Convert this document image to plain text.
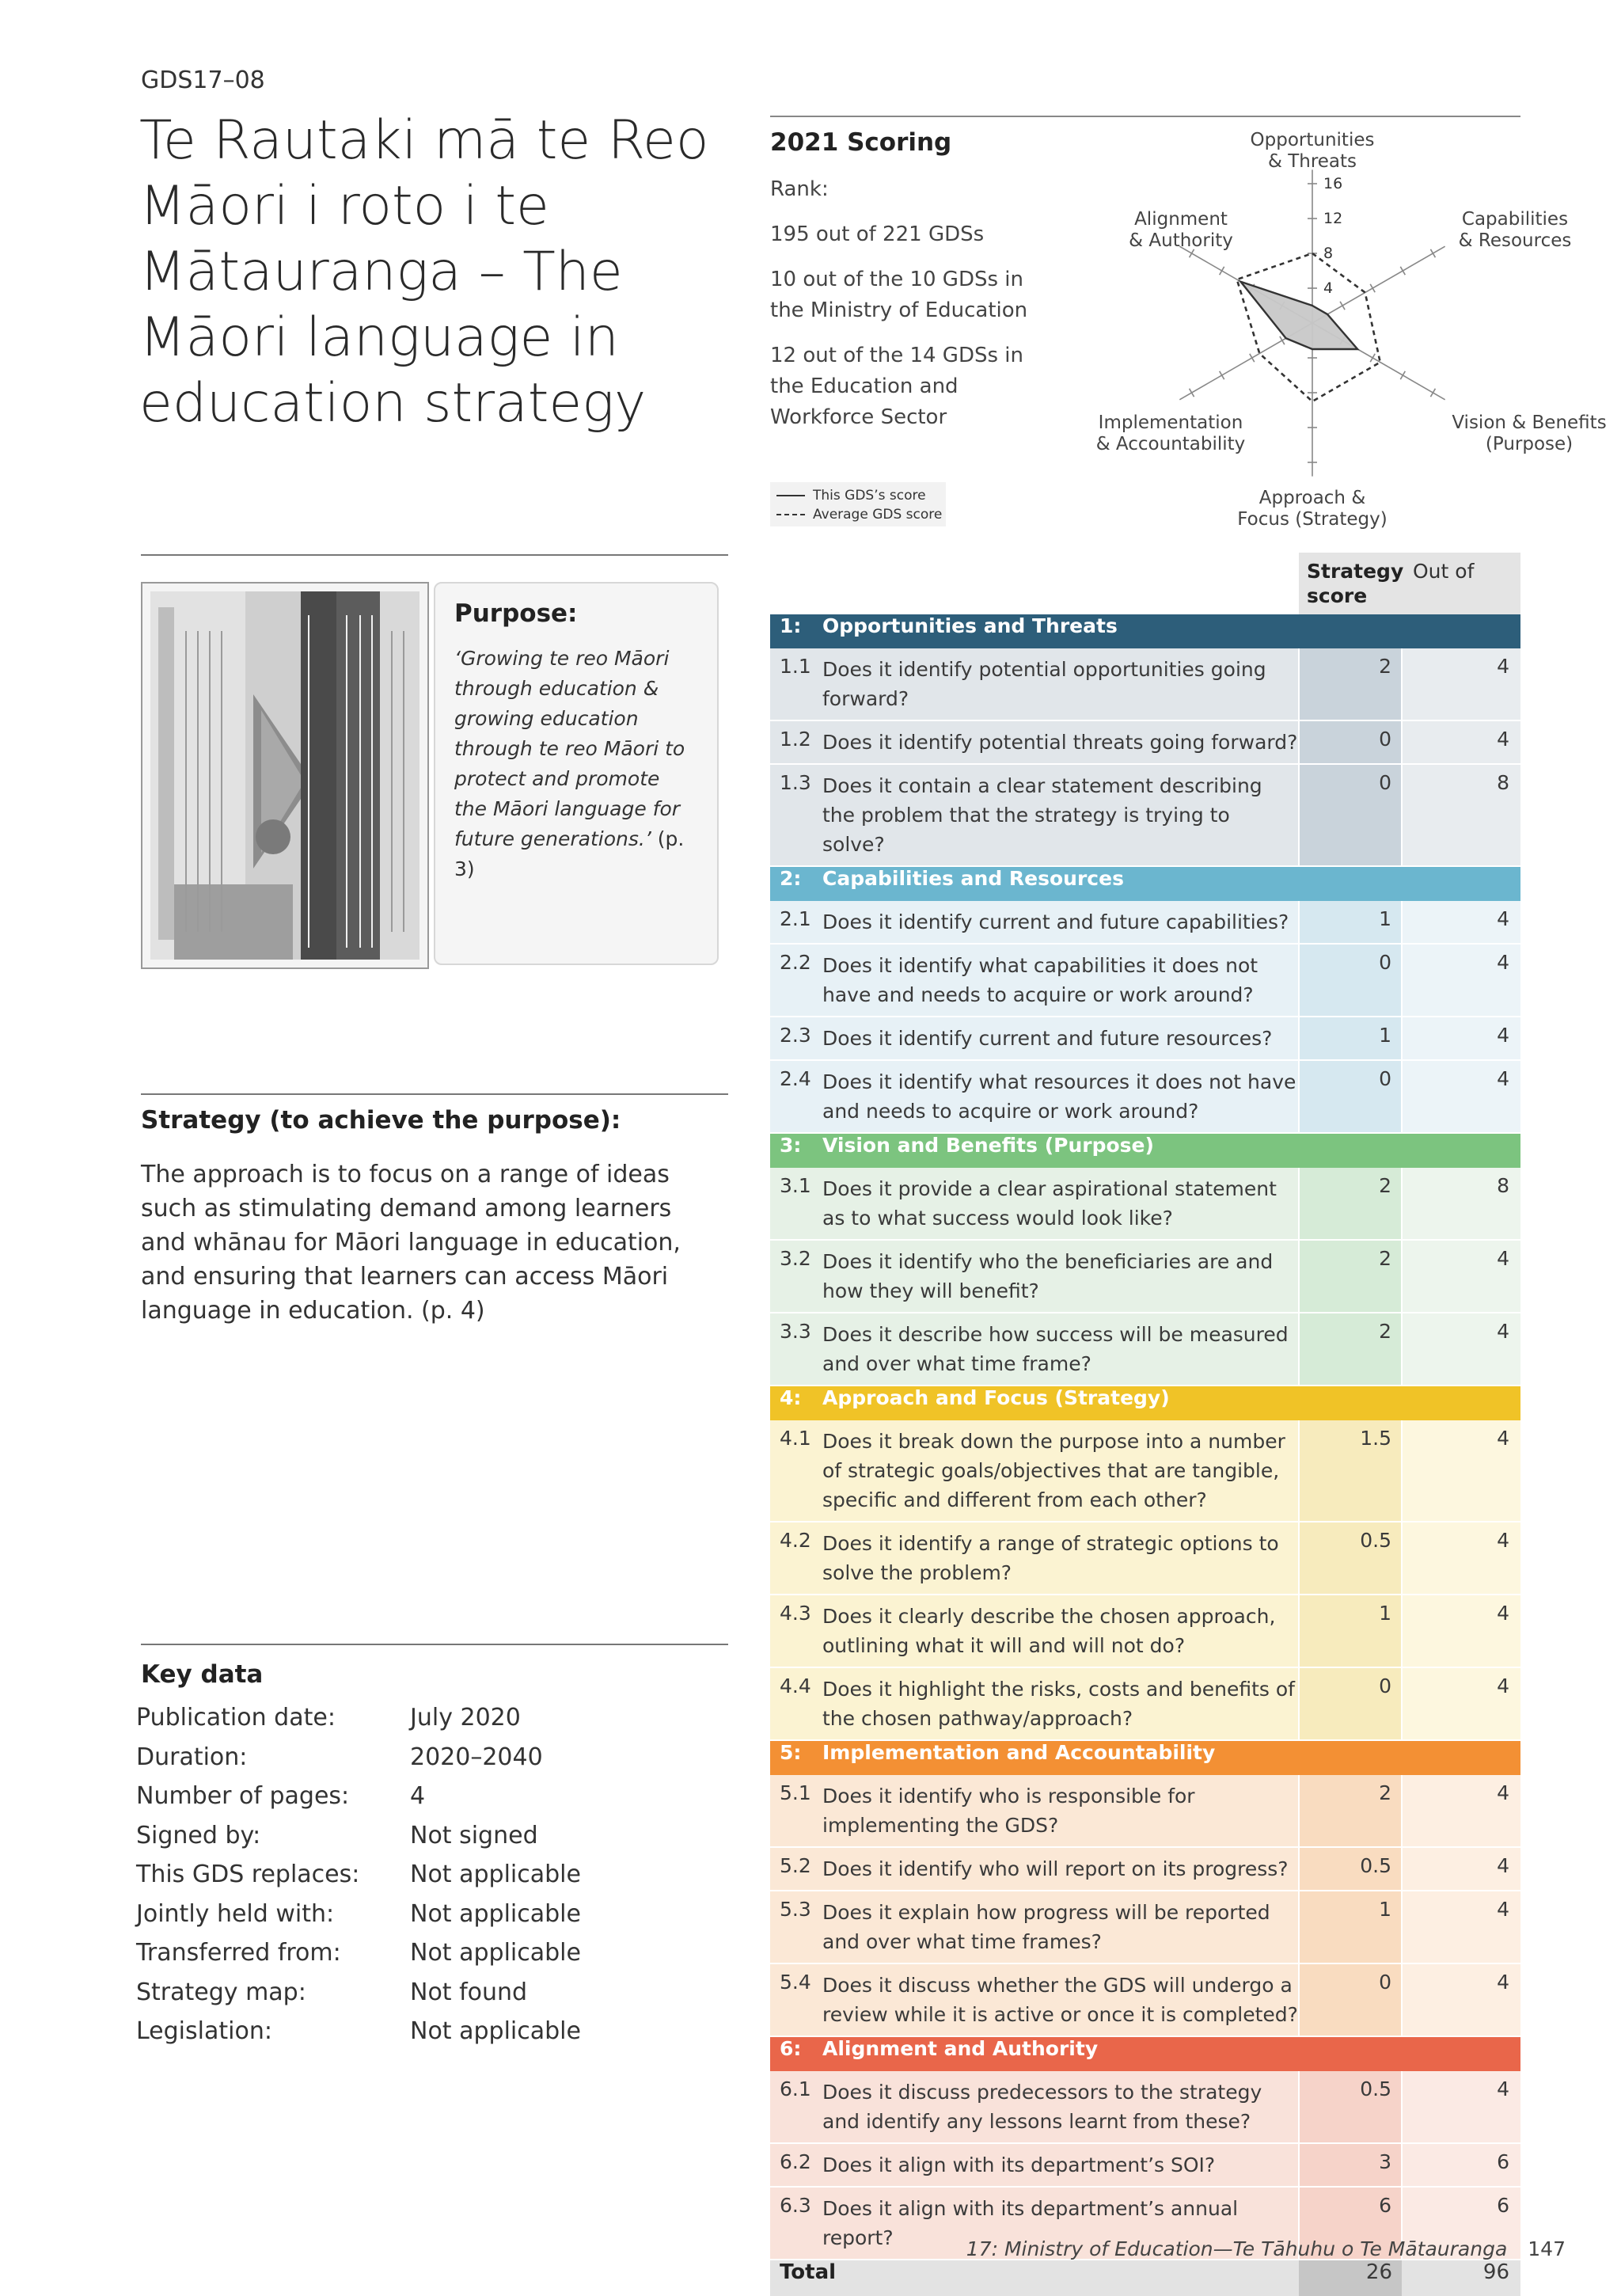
GDS17–08
Te Rautaki mā te Reo Māori i roto i te Mātauranga – The Māori language in education strategy
Purpose:
‘Growing te reo Māori through education & growing education through te reo Māori to protect and promote the Māori language for future generations.’ (p. 3)
Strategy (to achieve the purpose):
The approach is to focus on a range of ideas such as stimulating demand among learners and whānau for Māori language in education, and ensuring that learners can access Māori language in education. (p. 4)
Key data
Publication date:	July 2020
Duration:	2020–2040
Number of pages:	4
Signed by:	Not signed
This GDS replaces: Not applicable
Jointly held with:	Not applicable
Transferred from:	Not applicable
Strategy map:	Not found
Legislation:	Not applicable
2021 Scoring

Rank:

195 out of 221 GDSs

10 out of the 10 GDSs in the Ministry of Education

12 out of the 14 GDSs in the Education and Workforce Sector

4
8
12
16
Opportunities & Threats
Capabilities & Resources
Vision & Benefits (Purpose)
Approach & Focus (Strategy)
Implementation & Accountability
Alignment & Authority
This GDS’s score
Average GDS score
		Strategy score	Out of
1:	Opportunities and Threats		
1.1	Does it identify potential opportunities going forward?	2	4
1.2	Does it identify potential threats going forward?	0	4
1.3	Does it contain a clear statement describing the problem that the strategy is trying to solve?	0	8
2:	Capabilities and Resources		
2.1	Does it identify current and future capabilities?	1	4
2.2	Does it identify what capabilities it does not have and needs to acquire or work around?	0	4
2.3	Does it identify current and future resources?	1	4
2.4	Does it identify what resources it does not have and needs to acquire or work around?	0	4
3:	Vision and Benefits (Purpose)		
3.1	Does it provide a clear aspirational statement as to what success would look like?	2	8
3.2	Does it identify who the beneficiaries are and how they will benefit?	2	4
3.3	Does it describe how success will be measured and over what time frame?	2	4
4:	Approach and Focus (Strategy)		
4.1	Does it break down the purpose into a number of strategic goals/objectives that are tangible, specific and different from each other?	1.5	4
4.2	Does it identify a range of strategic options to solve the problem?	0.5	4
4.3	Does it clearly describe the chosen approach, outlining what it will and will not do?	1	4
4.4	Does it highlight the risks, costs and benefits of the chosen pathway/approach?	0	4
5:	Implementation and Accountability		
5.1	Does it identify who is responsible for implementing the GDS?	2	4
5.2	Does it identify who will report on its progress?	0.5	4
5.3	Does it explain how progress will be reported and over what time frames?	1	4
5.4	Does it discuss whether the GDS will undergo a review while it is active or once it is completed?	0	4
6:	Alignment and Authority		
6.1	Does it discuss predecessors to the strategy and identify any lessons learnt from these?	0.5	4
6.2	Does it align with its department’s SOI?	3	6
6.3	Does it align with its department’s annual report?	6	6
Total		26	96
17: Ministry of Education—Te Tāhuhu o Te Mātauranga 147
